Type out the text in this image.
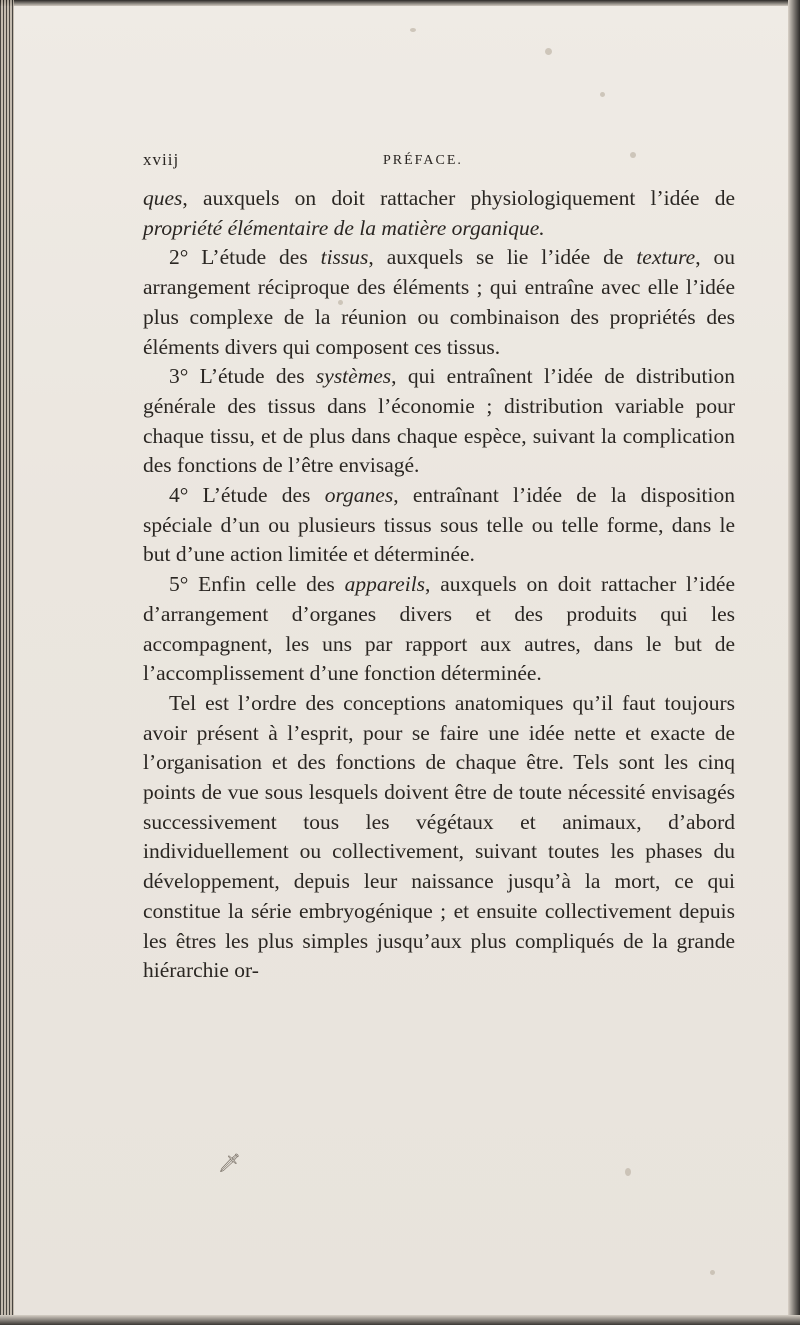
xviij	PRÉFACE.

ques, auxquels on doit rattacher physiologiquement l’idée de propriété élémentaire de la matière organique.

2° L’étude des tissus, auxquels se lie l’idée de texture, ou arrangement réciproque des éléments ; qui entraîne avec elle l’idée plus complexe de la réunion ou combinaison des propriétés des éléments divers qui composent ces tissus.

3° L’étude des systèmes, qui entraînent l’idée de distribution générale des tissus dans l’économie ; distribution variable pour chaque tissu, et de plus dans chaque espèce, suivant la complication des fonctions de l’être envisagé.

4° L’étude des organes, entraînant l’idée de la disposition spéciale d’un ou plusieurs tissus sous telle ou telle forme, dans le but d’une action limitée et déterminée.

5° Enfin celle des appareils, auxquels on doit rattacher l’idée d’arrangement d’organes divers et des produits qui les accompagnent, les uns par rapport aux autres, dans le but de l’accomplissement d’une fonction déterminée.

Tel est l’ordre des conceptions anatomiques qu’il faut toujours avoir présent à l’esprit, pour se faire une idée nette et exacte de l’organisation et des fonctions de chaque être. Tels sont les cinq points de vue sous lesquels doivent être de toute nécessité envisagés successivement tous les végétaux et animaux, d’abord individuellement ou collectivement, suivant toutes les phases du développement, depuis leur naissance jusqu’à la mort, ce qui constitue la série embryogénique ; et ensuite collectivement depuis les êtres les plus simples jusqu’aux plus compliqués de la grande hiérarchie or-

🗡
